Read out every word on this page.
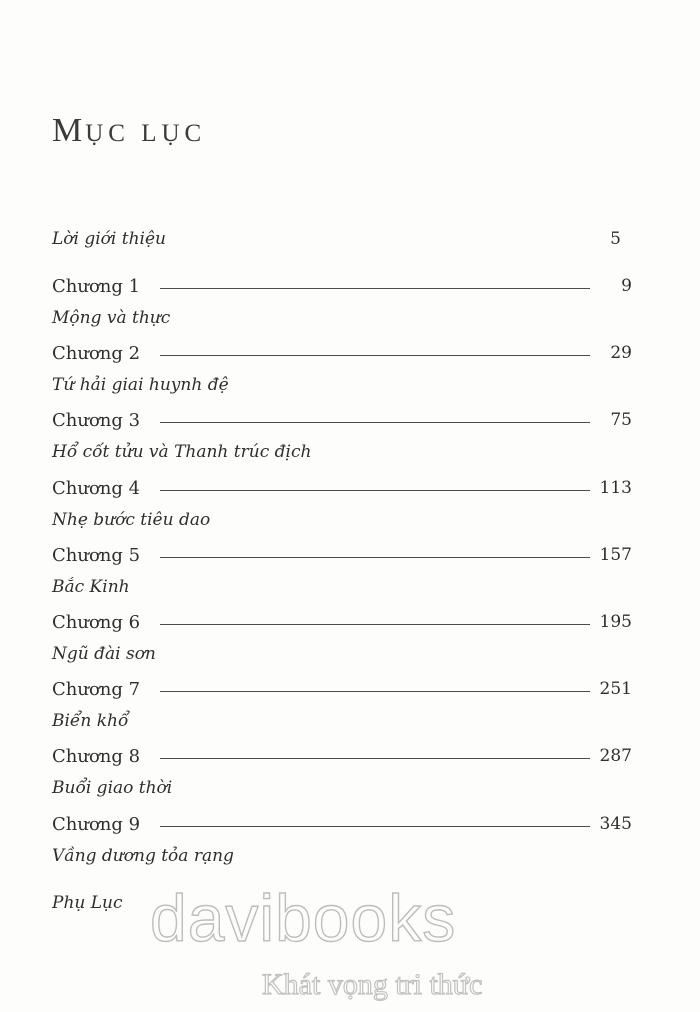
MỤC LỤC
Lời giới thiệu	5
Chương 1	9
Mộng và thực
Chương 2	29
Tứ hải giai huynh đệ
Chương 3	75
Hổ cốt tửu và Thanh trúc địch
Chương 4	113
Nhẹ bước tiêu dao
Chương 5	157
Bắc Kinh
Chương 6	195
Ngũ đài sơn
Chương 7	251
Biển khổ
Chương 8	287
Buổi giao thời
Chương 9	345
Vầng dương tỏa rạng
Phụ Lục davibooks
Khát vọng tri thức
